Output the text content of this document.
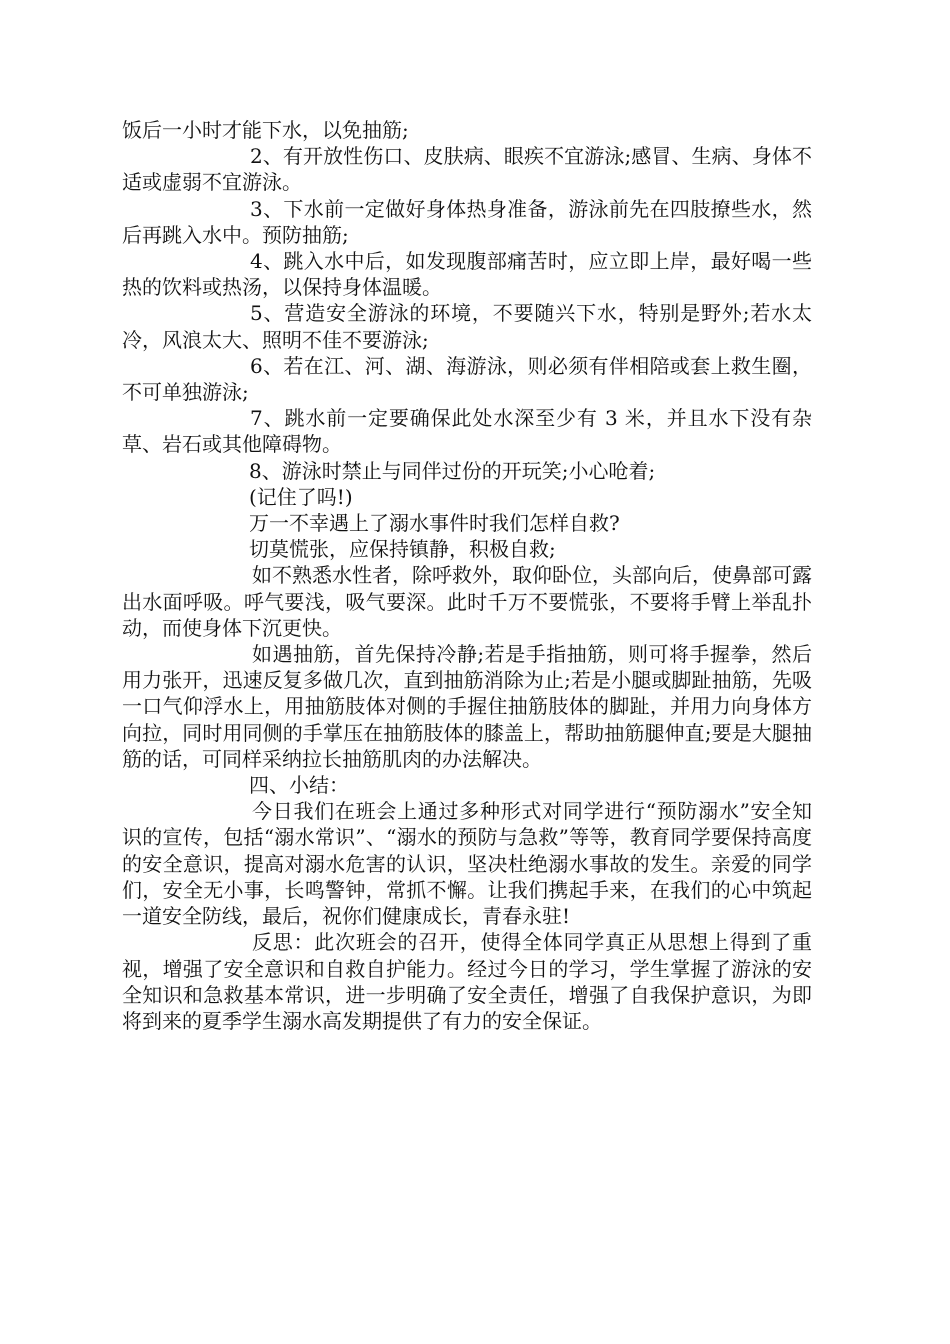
饭后一小时才能下水，以免抽筋;

2、有开放性伤口、皮肤病、眼疾不宜游泳;感冒、生病、身体不适或虚弱不宜游泳。

3、下水前一定做好身体热身准备，游泳前先在四肢撩些水，然后再跳入水中。预防抽筋;

4、跳入水中后，如发现腹部痛苦时，应立即上岸，最好喝一些热的饮料或热汤，以保持身体温暖。

5、营造安全游泳的环境，不要随兴下水，特别是野外;若水太冷，风浪太大、照明不佳不要游泳;

6、若在江、河、湖、海游泳，则必须有伴相陪或套上救生圈，不可单独游泳;

7、跳水前一定要确保此处水深至少有 3 米，并且水下没有杂草、岩石或其他障碍物。

8、游泳时禁止与同伴过份的开玩笑;小心呛着;

(记住了吗!)

万一不幸遇上了溺水事件时我们怎样自救?

切莫慌张，应保持镇静，积极自救;

如不熟悉水性者，除呼救外，取仰卧位，头部向后，使鼻部可露出水面呼吸。呼气要浅，吸气要深。此时千万不要慌张，不要将手臂上举乱扑动，而使身体下沉更快。

如遇抽筋，首先保持冷静;若是手指抽筋，则可将手握拳，然后用力张开，迅速反复多做几次，直到抽筋消除为止;若是小腿或脚趾抽筋，先吸一口气仰浮水上，用抽筋肢体对侧的手握住抽筋肢体的脚趾，并用力向身体方向拉，同时用同侧的手掌压在抽筋肢体的膝盖上，帮助抽筋腿伸直;要是大腿抽筋的话，可同样采纳拉长抽筋肌肉的办法解决。

四、小结：

今日我们在班会上通过多种形式对同学进行“预防溺水”安全知识的宣传，包括“溺水常识”、“溺水的预防与急救”等等，教育同学要保持高度的安全意识，提高对溺水危害的认识，坚决杜绝溺水事故的发生。亲爱的同学们，安全无小事，长鸣警钟，常抓不懈。让我们携起手来，在我们的心中筑起一道安全防线，最后，祝你们健康成长，青春永驻!

反思：此次班会的召开，使得全体同学真正从思想上得到了重视，增强了安全意识和自救自护能力。经过今日的学习，学生掌握了游泳的安全知识和急救基本常识，进一步明确了安全责任，增强了自我保护意识，为即将到来的夏季学生溺水高发期提供了有力的安全保证。
